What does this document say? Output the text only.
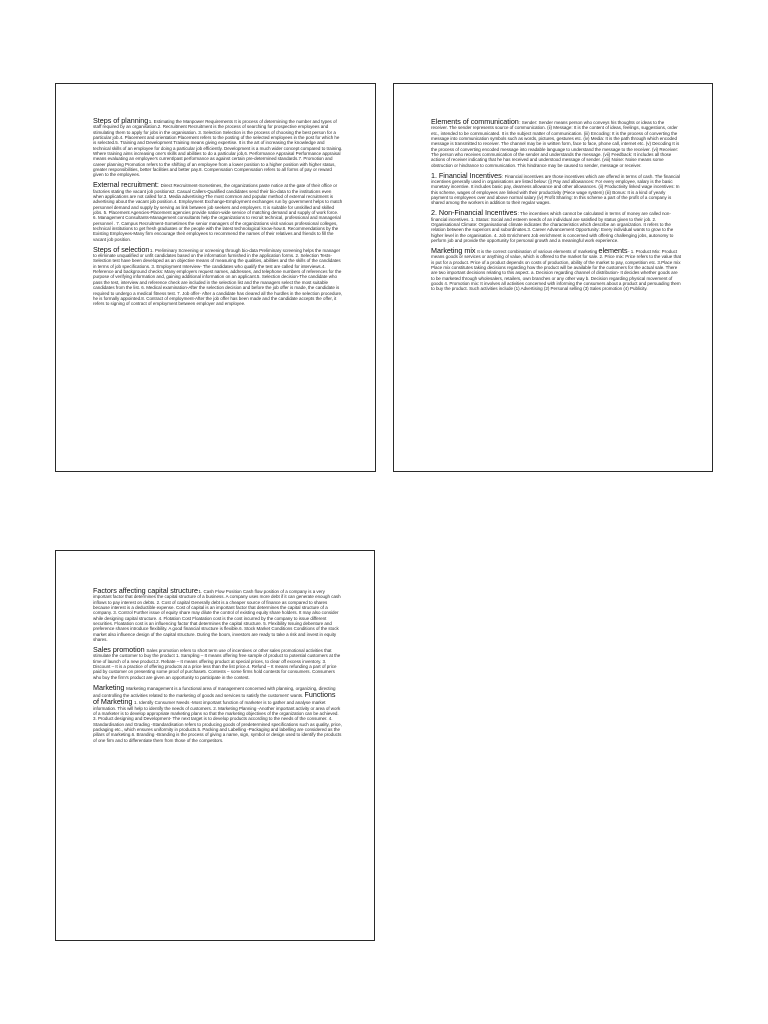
Steps of planning1. Estimating the Manpower Requirements It is process of determining the number and types of staff required by an organisation.2. Recruitment Recruitment is the process of searching for prospective employees and stimulating them to apply for jobs in the organisation. 3. Selection Selection is the process of choosing the best person for a particular job.4. Placement and orientation Placement refers to the posting of the selected employees in the post for which he is selected.5. Training and Development Training means giving expertise. It is the art of increasing the knowledge and technical skills of an employee for doing a particular job efficiently. Development is a much wider concept compared to training. Where training aims increasing one's skills and abilities to do a particular job,6. Performance Appraisal Performance appraisal means evaluating an employee's current/past performance as against certain pre-determined standards.7. Promotion and career planning Promotion refers to the shifting of an employee from a lower position to a higher position with higher status, greater responsibilities, better facilities and better pay.8. Compensation Compensation refers to all forms of pay or reward given to the employees.

External recruitment: Direct Recruitment-Sometimes, the organizations paste notice at the gate of their office or factories stating the vacant job positions2. Casual Callers-Qualified candidates send their bio-data to the institutions even when applications are not called for.3. Media advertising-The most common and popular method of external recruitment is advertising about the vacant job position.4. Employment Exchange-Employment exchanges run by government helps to match personnel demand and supply by serving as link between job seekers and employers. It is suitable for unskilled and skilled jobs. 5. Placement Agencies-Placement agencies provide nation-wide service of matching demand and supply of work force. 6. Management Consultants-Management consultants help the organizations to recruit technical, professional and managerial personnel . 7. Campus Recruitment-Sometimes the senior managers of the organizations visit various professional colleges, technical institutions to get fresh graduates or the people with the latest technological know-how.8. Recommendations by the Existing Employees-Many firm encourage their employees to recommend the names of their relatives and friends to fill the vacant job position.

Steps of selection1. Preliminary Screening or screening through bio-data Preliminary screening helps the manager to eliminate unqualified or unfit candidates based on the information furnished in the application forms. 2. Selection Tests-Selection test have been developed as an objective means of measuring the qualities, abilities and the skills of the candidates in terms of job specifications. 3. Employment Interview- The candidates who qualify the test are called for interviews.4. Reference and background checks: Many employers request names, addresses, and telephone numbers of references for the purpose of verifying information and, gaining additional information on an applicant.5. Selection decision-The candidate who pass the test, interview and reference check are included in the selection list and the managers select the most suitable candidates from the list. 6. Medical examination-After the selection decision and before the job offer is made, the candidate is required to undergo a medical fitness test. 7. Job offer- After a candidate has cleared all the hurdles in the selection procedure, he is formally appointed.8. Contract of employment-After the job offer has been made and the candidate accepts the offer, it refers to signing of contract of employment between employer and employee.

Elements of communication: Sender: Sender means person who conveys his thoughts or ideas to the receiver. The sender represents source of communication. (ii) Message: It is the content of ideas, feelings, suggestions, order etc., intended to be communicated. It is the subject matter of communication. (iii) Encoding: It is the process of converting the message into communication symbols such as words, pictures, gestures etc. (iv) Media: It is the path through which encoded message is transmitted to receiver. The channel may be in written form, face to face, phone call, internet etc. (v) Decoding It is the process of converting encoded message into readable language to understand the message to the receiver. (vi) Receiver: The person who receives communication of the sender and understands the message. (vii) Feedback: It includes all those actions of receiver indicating that he has received and understood message of sender. (viii) Noise: Noise means some obstruction or hindrance to communication. This hindrance may be caused to sender, message or receiver.

1. Financial Incentives: Financial incentives are those incentives which are offered in terms of cash. The financial incentives generally used in organisations are listed below: (i) Pay and allowances: For every employee, salary is the basic monetary incentive. It includes basic pay, dearness allowance and other allowances. (ii) Productivity linked wage incentives: In this scheme, wages of employees are linked with their productivity (Piece wage system) (iii) Bonus: It is a kind of yearly payment to employees over and above normal salary (iv) Profit Sharing: In this scheme a part of the profit of a company is shared among the workers in addition to their regular wages.

2. Non-Financial Incentives: The incentives which cannot be calculated in terms of money are called non-financial incentives. 1. Status: Social and esteem needs of an individual are satisfied by status given to their job. 2. Organisational Climate: Organisational climate indicates the characteristics which describe an organization. It refers to the relation between the superiors and subordinates.3. Career Advancement Opportunity: Every individual wants to grow to the higher level in the organisation. 4. Job Enrichment Job enrichment is concerned with offering challenging jobs, autonomy to perform job and provide the opportunity for personal growth and a meaningful work experience.

Marketing mix It is the correct combination of various elements of marketing elements- 1. Product Mix: Product means goods or services or anything of value, which is offered to the market for sale. 2. Price mix: Price refers to the value that is put for a product. Price of a product depends on costs of production, ability of the market to pay, competition etc. 3.Place mix Place mix constitutes taking decisions regarding how the product will be available for the customers for the actual sale. There are two important decisions relating to this aspect. a. Decision regarding channel of distribution- It decides whether goods are to be marketed through wholesalers, retailers, own branches or any other way b. Decision regarding physical movement of goods 4. Promotion mix: It involves all activities concerned with informing the consumers about a product and persuading them to buy the product. Such activities include (1) Advertising (2) Personal selling (3) Sales promotion (4) Publicity.

Factors affecting capital structure1. Cash Flow Position Cash flow position of a company is a very important factor that determines the capital structure of a business. A company uses more debt if it can generate enough cash inflows to pay interest on debts. 2. Cost of capital Generally debt is a cheaper source of finance as compared to shares because interest is a deductible expense. Cost of capital is an important factor that determines the capital structure of a company. 3. Control Further issue of equity share may dilute the control of existing equity share holders. It may also consider while designing capital structure. 4. Flotation Cost Floatation cost is the cost incurred by the company to issue different securities. Floatation cost is an influencing factor that determines the capital structure. 5. Flexibility Issuing debenture and preference shares introduce flexibility. A good financial structure is flexible.6. Stock Market Conditions Conditions of the stock market also influence design of the capital structure. During the boom, investors are ready to take a risk and invest in equity shares.

Sales promotion Sales promotion refers to short term use of incentives or other sales promotional activities that stimulate the customer to buy the product 1. Sampling – It means offering free sample of product to potential customers at the time of launch of a new product.2. Rebate – It means offering product at special prices, to clear off excess inventory. 3. Discount – It is a practice of offering products at a price less than the list price.4. Refund – It means refunding a part of price paid by customer on presenting some proof of purchase5. Contests – some firms hold contests for consumers. Consumers who buy the firm's product are given an opportunity to participate in the contest.

Marketing Marketing management is a functional area of management concerned with planning, organizing, directing and controlling the activities related to the marketing of goods and services to satisfy the customers' wants. Functions of Marketing 1. Identify Consumer Needs -Most important function of marketer is to gather and analyse market information. This will help to identify the needs of customers. 2. Marketing Planning -Another important activity or area of work of a marketer is to develop appropriate marketing plans so that the marketing objectives of the organization can be achieved. 3. Product designing and Development- The next target is to develop products according to the needs of the consumer. 4. Standardisation and Grading -Standardisation refers to producing goods of predetermined specifications such as quality, price, packaging etc., which ensures uniformity in products.5. Packing and Labelling -Packaging and labelling are considered as the pillars of marketing.6. Branding -Branding is the process of giving a name, sign, symbol or design used to identify the products of one firm and to differentiate them from those of the competitors.
